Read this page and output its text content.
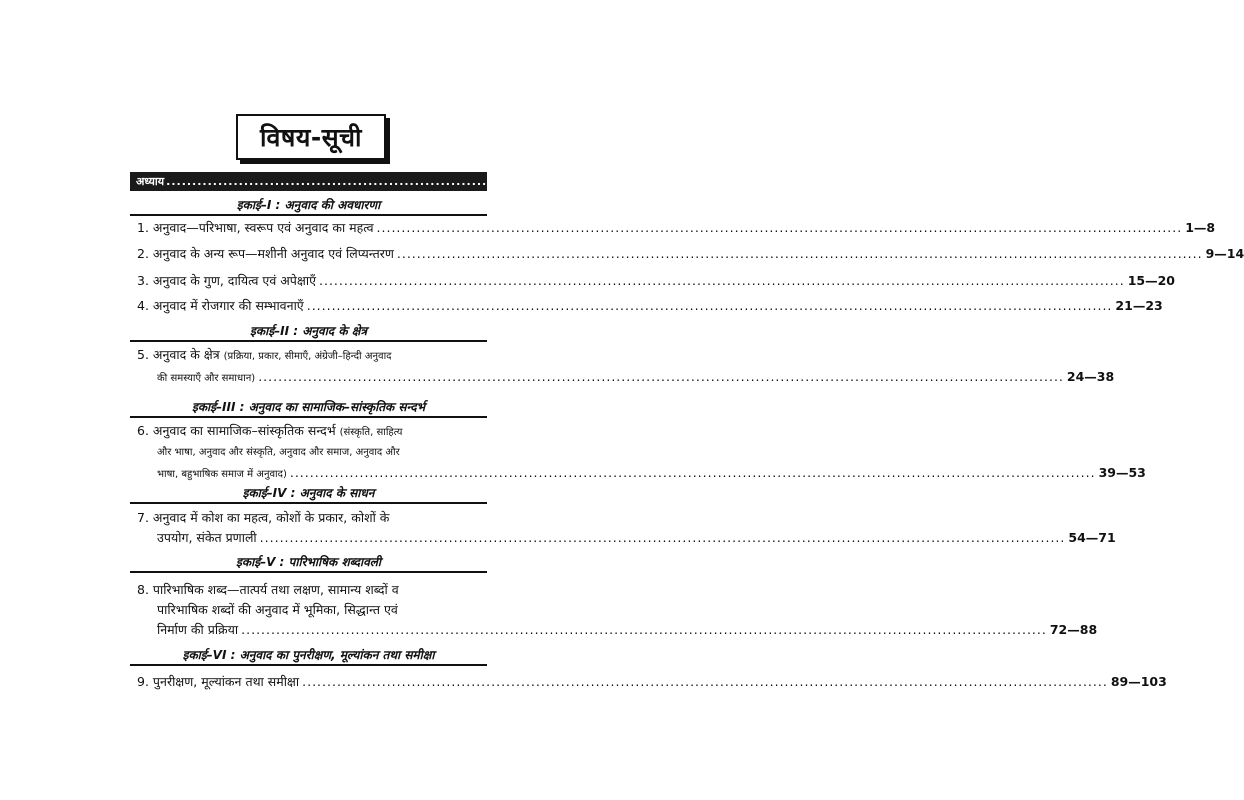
विषय-सूची
अध्याय .................................................................................................................................................................. पृष्ठ-संख्या
इकाई–I : अनुवाद की अवधारणा
1. अनुवाद—परिभाषा, स्वरूप एवं अनुवाद का महत्व .................................................................................................................................................................. 1—8
2. अनुवाद के अन्य रूप—मशीनी अनुवाद एवं लिप्यन्तरण .................................................................................................................................................................. 9—14
3. अनुवाद के गुण, दायित्व एवं अपेक्षाएँ .................................................................................................................................................................. 15—20
4. अनुवाद में रोजगार की सम्भावनाएँ .................................................................................................................................................................. 21—23
इकाई–II : अनुवाद के क्षेत्र
5. अनुवाद के क्षेत्र (प्रक्रिया, प्रकार, सीमाएँ, अंग्रेजी–हिन्दी अनुवाद
की समस्याएँ और समाधान) .................................................................................................................................................................. 24—38
इकाई–III : अनुवाद का सामाजिक–सांस्कृतिक सन्दर्भ
6. अनुवाद का सामाजिक–सांस्कृतिक सन्दर्भ (संस्कृति, साहित्य
और भाषा, अनुवाद और संस्कृति, अनुवाद और समाज, अनुवाद और
भाषा, बहुभाषिक समाज में अनुवाद) .................................................................................................................................................................. 39—53
इकाई–IV : अनुवाद के साधन
7. अनुवाद में कोश का महत्व, कोशों के प्रकार, कोशों के
उपयोग, संकेत प्रणाली .................................................................................................................................................................. 54—71
इकाई–V : पारिभाषिक शब्दावली
8. पारिभाषिक शब्द—तात्पर्य तथा लक्षण, सामान्य शब्दों व
पारिभाषिक शब्दों की अनुवाद में भूमिका, सिद्धान्त एवं
निर्माण की प्रक्रिया .................................................................................................................................................................. 72—88
इकाई–VI : अनुवाद का पुनरीक्षण, मूल्यांकन तथा समीक्षा
9. पुनरीक्षण, मूल्यांकन तथा समीक्षा .................................................................................................................................................................. 89—103
